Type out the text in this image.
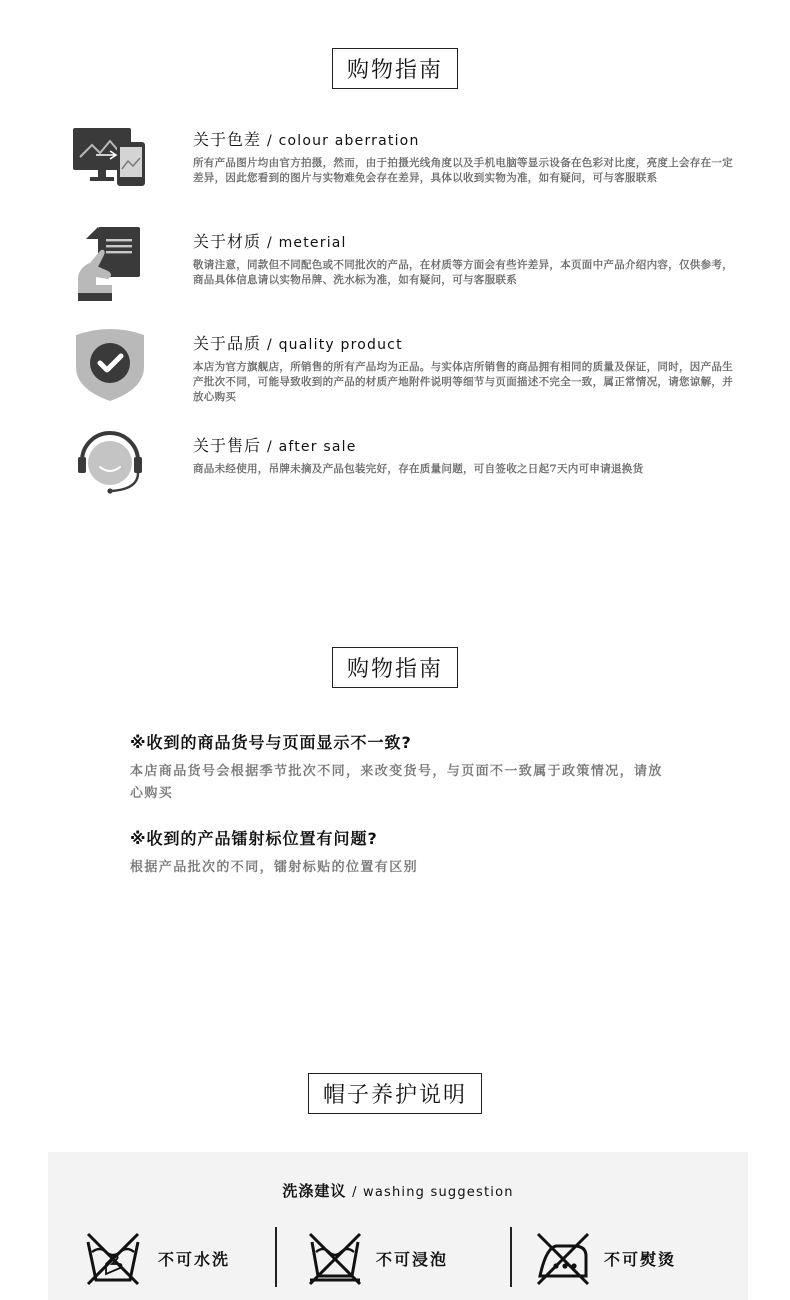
购物指南
关于色差 / colour aberration
所有产品图片均由官方拍摄，然而，由于拍摄光线角度以及手机电脑等显示设备在色彩对比度，亮度上会存在一定差异，因此您看到的图片与实物难免会存在差异，具体以收到实物为准，如有疑问，可与客服联系
关于材质 / meterial
敬请注意，同款但不同配色或不同批次的产品，在材质等方面会有些许差异，本页面中产品介绍内容，仅供参考，商品具体信息请以实物吊牌、洗水标为准，如有疑问，可与客服联系
关于品质 / quality product
本店为官方旗舰店，所销售的所有产品均为正品。与实体店所销售的商品拥有相同的质量及保证，同时，因产品生产批次不同，可能导致收到的产品的材质产地附件说明等细节与页面描述不完全一致，属正常情况，请您谅解，并放心购买
关于售后 / after sale
商品未经使用，吊牌未摘及产品包装完好，存在质量问题，可自签收之日起7天内可申请退换货
购物指南
※收到的商品货号与页面显示不一致?
本店商品货号会根据季节批次不同，来改变货号，与页面不一致属于政策情况，请放心购买
※收到的产品镭射标位置有问题?
根据产品批次的不同，镭射标贴的位置有区别
帽子养护说明
洗涤建议 / washing suggestion
不可水洗	不可浸泡	不可熨烫
